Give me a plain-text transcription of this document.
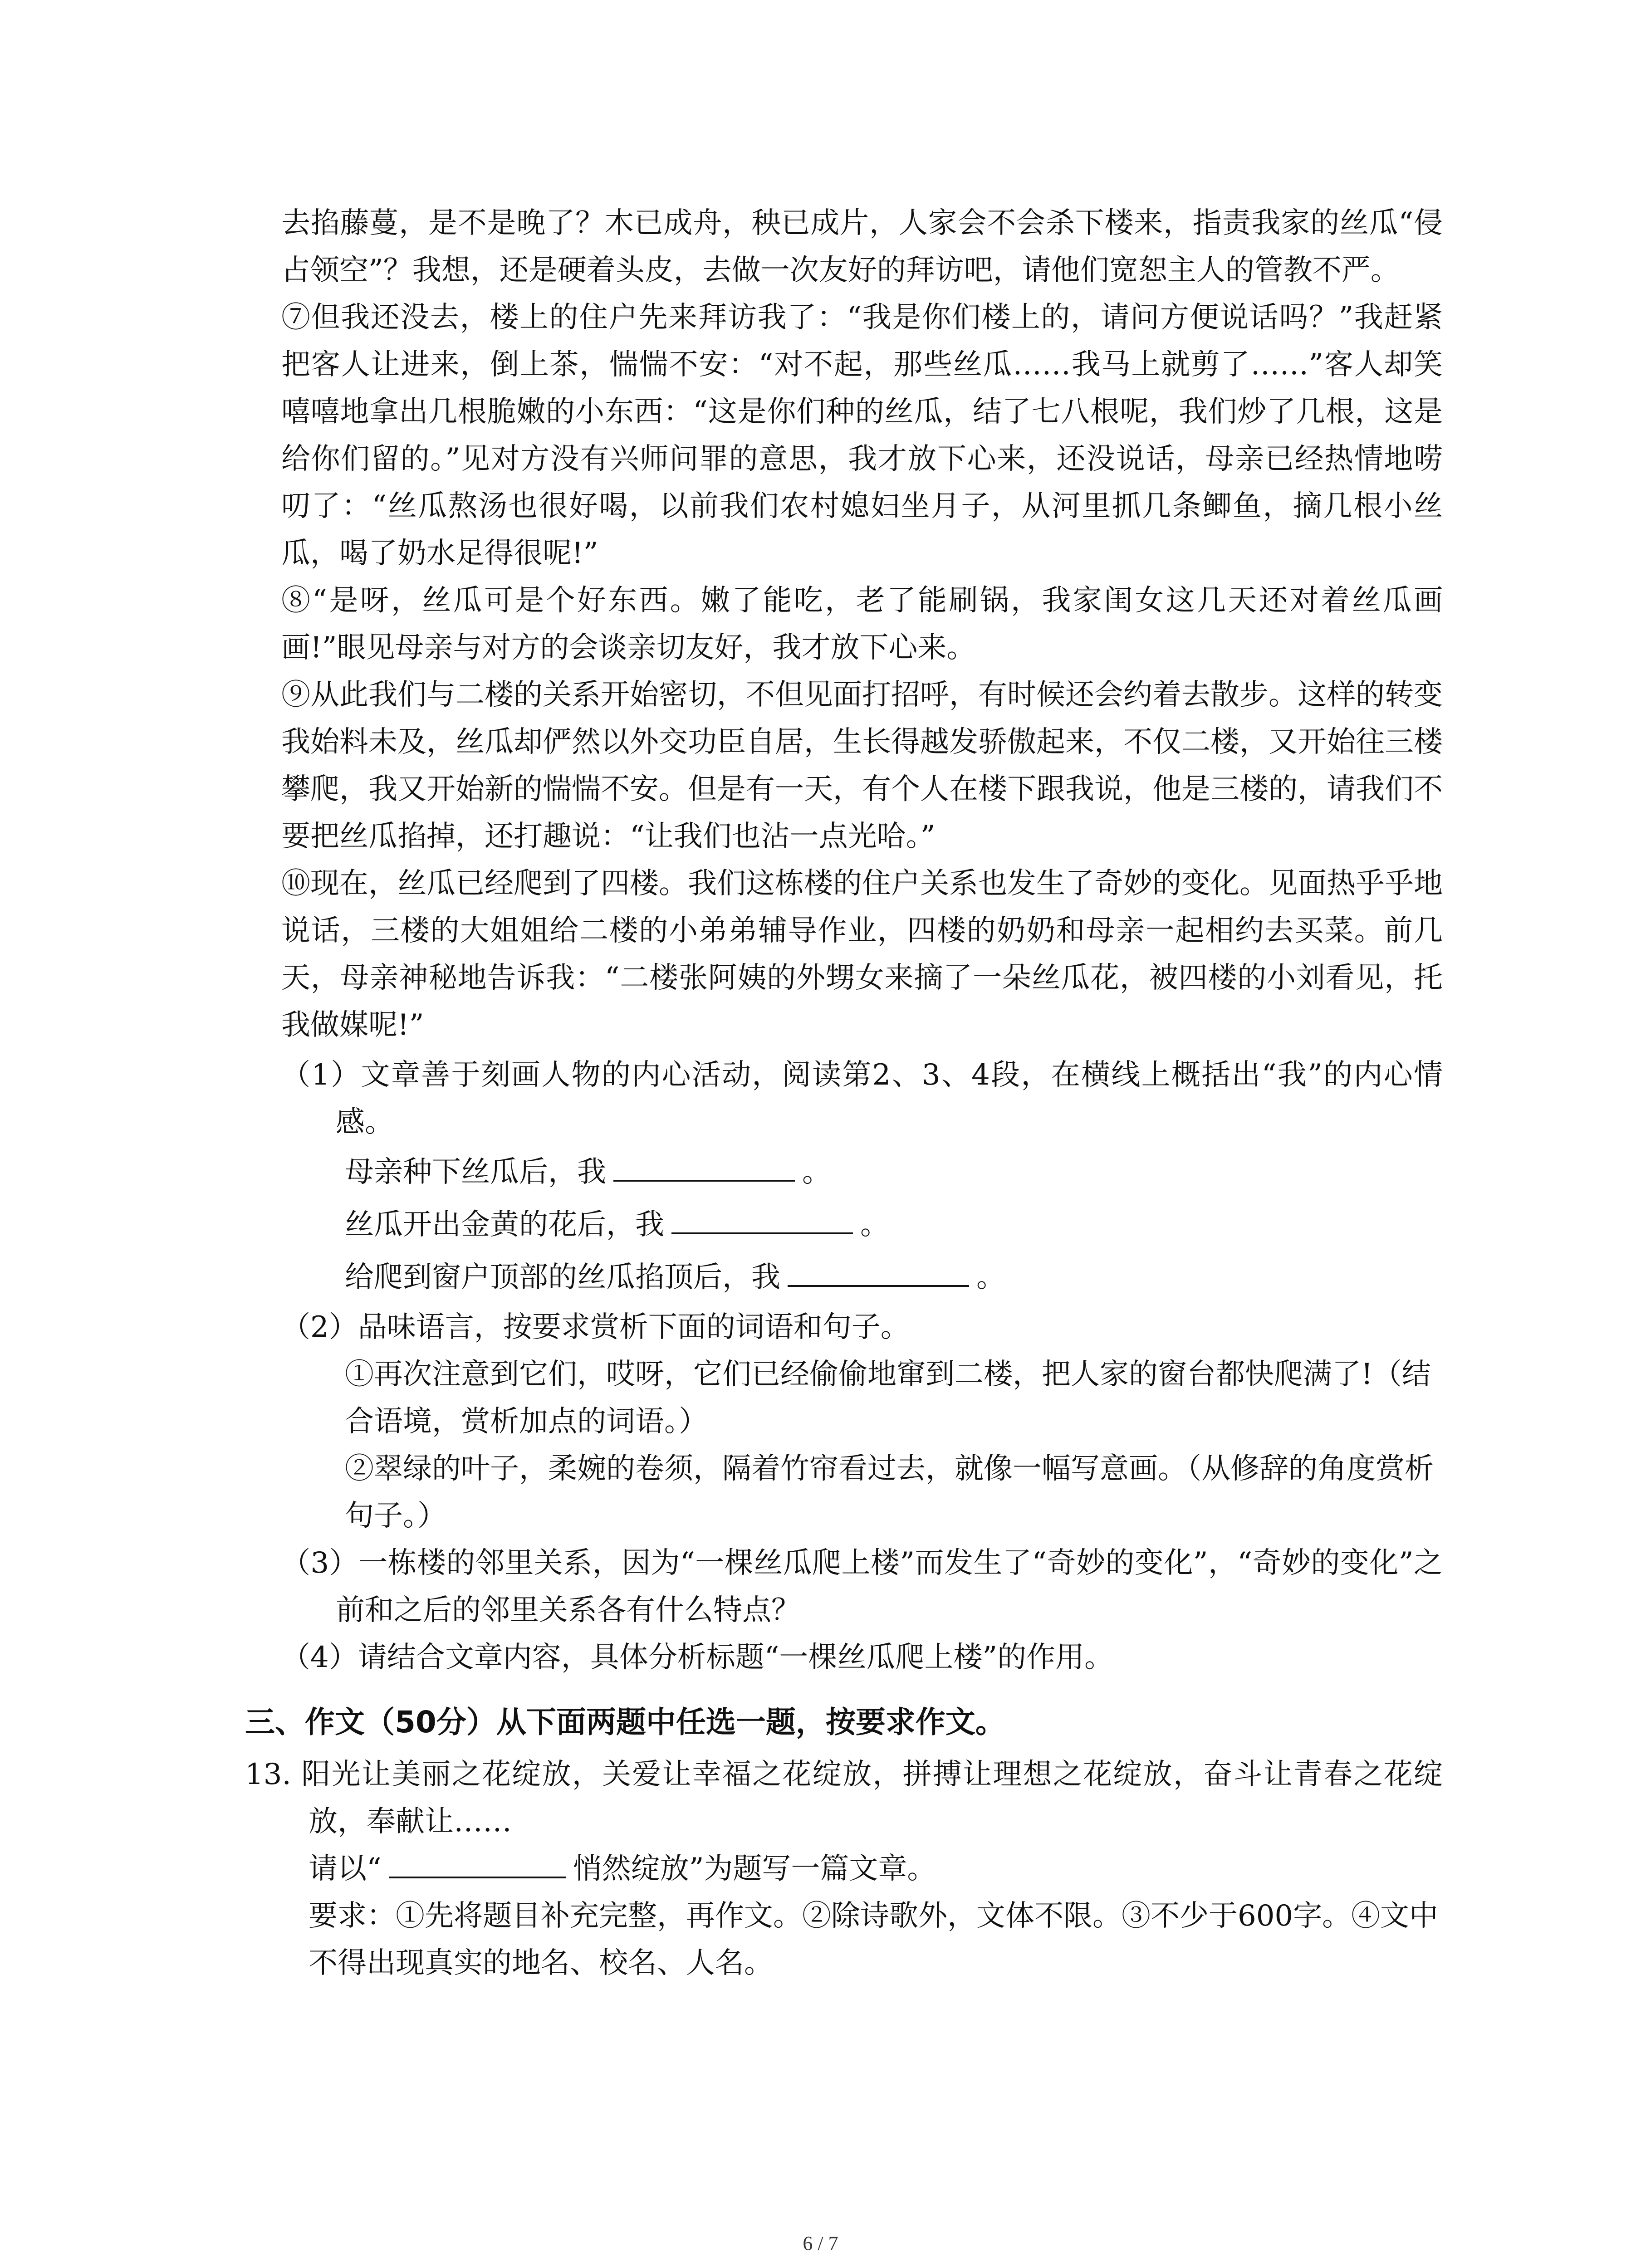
去掐藤蔓，是不是晚了？木已成舟，秧已成片，人家会不会杀下楼来，指责我家的丝瓜“侵占领空”？我想，还是硬着头皮，去做一次友好的拜访吧，请他们宽恕主人的管教不严。

⑦但我还没去，楼上的住户先来拜访我了：“我是你们楼上的，请问方便说话吗？”我赶紧把客人让进来，倒上茶，惴惴不安：“对不起，那些丝瓜……我马上就剪了……”客人却笑嘻嘻地拿出几根脆嫩的小东西：“这是你们种的丝瓜，结了七八根呢，我们炒了几根，这是给你们留的。”见对方没有兴师问罪的意思，我才放下心来，还没说话，母亲已经热情地唠叨了：“丝瓜熬汤也很好喝，以前我们农村媳妇坐月子，从河里抓几条鲫鱼，摘几根小丝瓜，喝了奶水足得很呢!”

⑧“是呀，丝瓜可是个好东西。嫩了能吃，老了能刷锅，我家闺女这几天还对着丝瓜画画!”眼见母亲与对方的会谈亲切友好，我才放下心来。

⑨从此我们与二楼的关系开始密切，不但见面打招呼，有时候还会约着去散步。这样的转变我始料未及，丝瓜却俨然以外交功臣自居，生长得越发骄傲起来，不仅二楼，又开始往三楼攀爬，我又开始新的惴惴不安。但是有一天，有个人在楼下跟我说，他是三楼的，请我们不要把丝瓜掐掉，还打趣说：“让我们也沾一点光哈。”

⑩现在，丝瓜已经爬到了四楼。我们这栋楼的住户关系也发生了奇妙的变化。见面热乎乎地说话，三楼的大姐姐给二楼的小弟弟辅导作业，四楼的奶奶和母亲一起相约去买菜。前几天，母亲神秘地告诉我：“二楼张阿姨的外甥女来摘了一朵丝瓜花，被四楼的小刘看见，托我做媒呢!”

（1）文章善于刻画人物的内心活动，阅读第2、3、4段，在横线上概括出“我”的内心情感。

母亲种下丝瓜后，我	。

丝瓜开出金黄的花后，我	。

给爬到窗户顶部的丝瓜掐顶后，我	。

（2）品味语言，按要求赏析下面的词语和句子。

①再次注意到它们，哎呀，它们已经偷偷地窜到二楼，把人家的窗台都快爬满了!（结合语境，赏析加点的词语。）

②翠绿的叶子，柔婉的卷须，隔着竹帘看过去，就像一幅写意画。（从修辞的角度赏析句子。）

（3）一栋楼的邻里关系，因为“一棵丝瓜爬上楼”而发生了“奇妙的变化”，“奇妙的变化”之前和之后的邻里关系各有什么特点？

（4）请结合文章内容，具体分析标题“一棵丝瓜爬上楼”的作用。

三、作文（50分）从下面两题中任选一题，按要求作文。

13. 阳光让美丽之花绽放，关爱让幸福之花绽放，拼搏让理想之花绽放，奋斗让青春之花绽放，奉献让……

请以“	悄然绽放”为题写一篇文章。

要求：①先将题目补充完整，再作文。②除诗歌外，文体不限。③不少于600字。④文中不得出现真实的地名、校名、人名。

6 / 7
